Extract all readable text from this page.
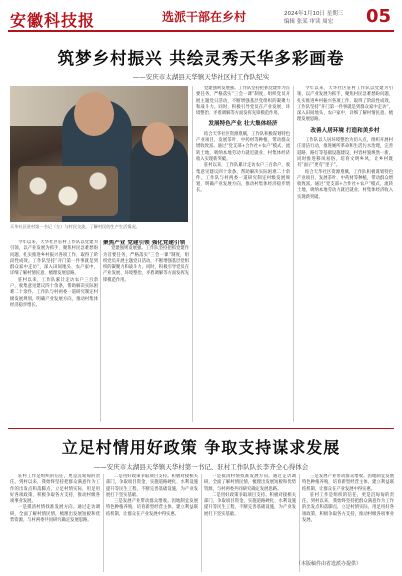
安徽科技报	选派干部在乡村	2024年1月10日 星期三
编辑 张某 审读 周宏	05
筑梦乡村振兴 共绘灵秀天华多彩画卷
——安庆市太湖县天华镇天华社区村工作队纪实
天华社区驻村第一书记（左）与村民交流，了解村民的生产生活情况。

今年以来，天华社区驻村工作队以党建为引领，以产业发展为抓手，聚焦村民急难愁盼问题，扎实推进乡村振兴各项工作，取得了阶段性成效。工作队坚持“开门第一件事就是到群众家中走访”，深入田间地头、农户家中，详细了解村情民意，梳理发展思路。

驻村以来，工作队累计走访农户三百余户，收集意见建议四十余条，帮助解决实际困难二十余件。工作队与村两委一道研究制定村级发展规划，明确产业发展方向，推动村集体经济稳步增长。

聚焦产业 党建引领 强化党建引领

党建强则发展强。工作队坚持把抓党建作为首要任务，严格落实“三会一课”制度，组织党员开展主题党日活动，不断增强基层党组织的凝聚力和战斗力。同时，积极引导党员在产业发展、环境整治、矛盾调解等方面发挥先锋模范作用。

党建强则发展强。工作队坚持把抓党建作为首要任务，严格落实“三会一课”制度，组织党员开展主题党日活动，不断增强基层党组织的凝聚力和战斗力。同时，积极引导党员在产业发展、环境整治、矛盾调解等方面发挥先锋模范作用。

发展特色产业 壮大集体经济

结合天华社区资源禀赋，工作队积极谋划特色产业项目，发展茶叶、中药材等种植，带动群众增收致富。通过“党支部+合作社+农户”模式，流转土地，吸纳本地劳动力就近就业，村集体经济收入实现新突破。

驻村以来，工作队累计走访农户三百余户，收集意见建议四十余条，帮助解决实际困难二十余件。工作队与村两委一道研究制定村级发展规划，明确产业发展方向，推动村集体经济稳步增长。

今年以来，天华社区驻村工作队以党建为引领，以产业发展为抓手，聚焦村民急难愁盼问题，扎实推进乡村振兴各项工作，取得了阶段性成效。工作队坚持“开门第一件事就是到群众家中走访”，深入田间地头、农户家中，详细了解村情民意，梳理发展思路。

改善人居环境 打造和美乡村

工作队以人居环境整治为切入点，组织开展村庄清洁行动，推进厕所革命和生活污水治理，完善道路、路灯等基础设施建设，村容村貌焕然一新。同时推进移风易俗，培育文明乡风，让乡村既有“面子”更有“里子”。

结合天华社区资源禀赋，工作队积极谋划特色产业项目，发展茶叶、中药材等种植，带动群众增收致富。通过“党支部+合作社+农户”模式，流转土地，吸纳本地劳动力就近就业，村集体经济收入实现新突破。

立足村情用好政策 争取支持谋求发展
——安庆市太湖县天华镇天华村第一书记、驻村工作队队长李齐全心得体会

驻村工作是组织的信任，更是沉甸甸的责任。到村以来，我始终坚持把群众满意作为工作的出发点和落脚点，立足村情实际，用足用好各项政策，积极争取各方支持，推动村级各项事业发展。

一是摸清村情找准发展方向。通过走访调研，全面了解村情民情，梳理出发展短板和优势资源，与村两委共同研究确定发展思路。

二是用好政策争取项目支持。积极对接相关部门，争取项目资金，实施道路硬化、水利设施提升等民生工程，不断完善基础设施，为产业发展打下坚实基础。

三是发展产业带动群众增收。因地制宜发展特色种植养殖，培育新型经营主体，建立利益联结机制，让群众在产业发展中得实惠。

一是摸清村情找准发展方向。通过走访调研，全面了解村情民情，梳理出发展短板和优势资源，与村两委共同研究确定发展思路。

二是用好政策争取项目支持。积极对接相关部门，争取项目资金，实施道路硬化、水利设施提升等民生工程，不断完善基础设施，为产业发展打下坚实基础。

三是发展产业带动群众增收。因地制宜发展特色种植养殖，培育新型经营主体，建立利益联结机制，让群众在产业发展中得实惠。

驻村工作是组织的信任，更是沉甸甸的责任。到村以来，我始终坚持把群众满意作为工作的出发点和落脚点，立足村情实际，用足用好各项政策，积极争取各方支持，推动村级各项事业发展。

（本版稿件由省选派办提供）
